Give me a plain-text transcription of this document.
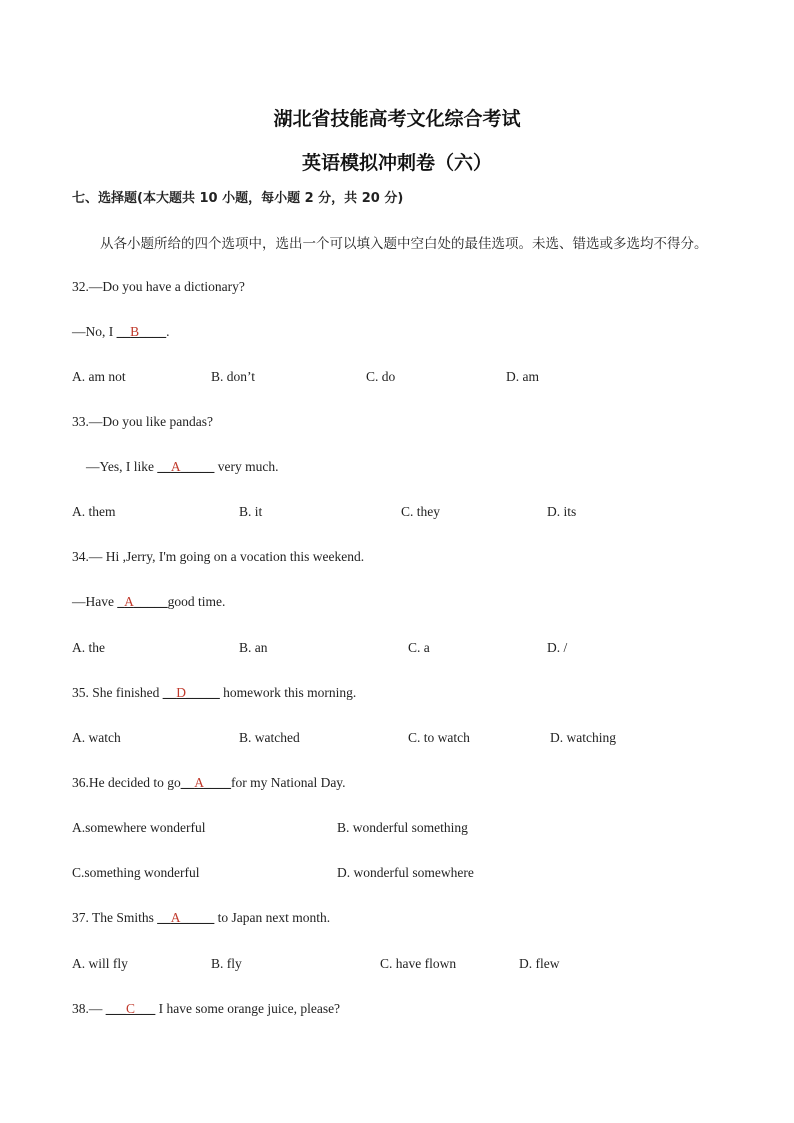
湖北省技能高考文化综合考试
英语模拟冲刺卷（六）
七、选择题(本大题共 10 小题，每小题 2 分，共 20 分)
从各小题所给的四个选项中，选出一个可以填入题中空白处的最佳选项。未选、错选或多选均不得分。
32.—Do you have a dictionary?
—No, I __B____.
A. am not	B. don’t	C. do	D. am
33.—Do you like pandas?
—Yes, I like __A_____ very much.
A. them	B. it	C. they	D. its
34.— Hi ,Jerry, I'm going on a vocation this weekend.
—Have _A_____good time.
A. the	B. an	C. a	D. /
35. She finished __D_____ homework this morning.
A. watch	B. watched	C. to watch	D. watching
36.He decided to go__A____for my National Day.
A.somewhere wonderful	B. wonderful something
C.something wonderful	D. wonderful somewhere
37. The Smiths __A_____ to Japan next month.
A. will fly	B. fly	C. have flown	D. flew
38.— ___C___ I have some orange juice, please?
